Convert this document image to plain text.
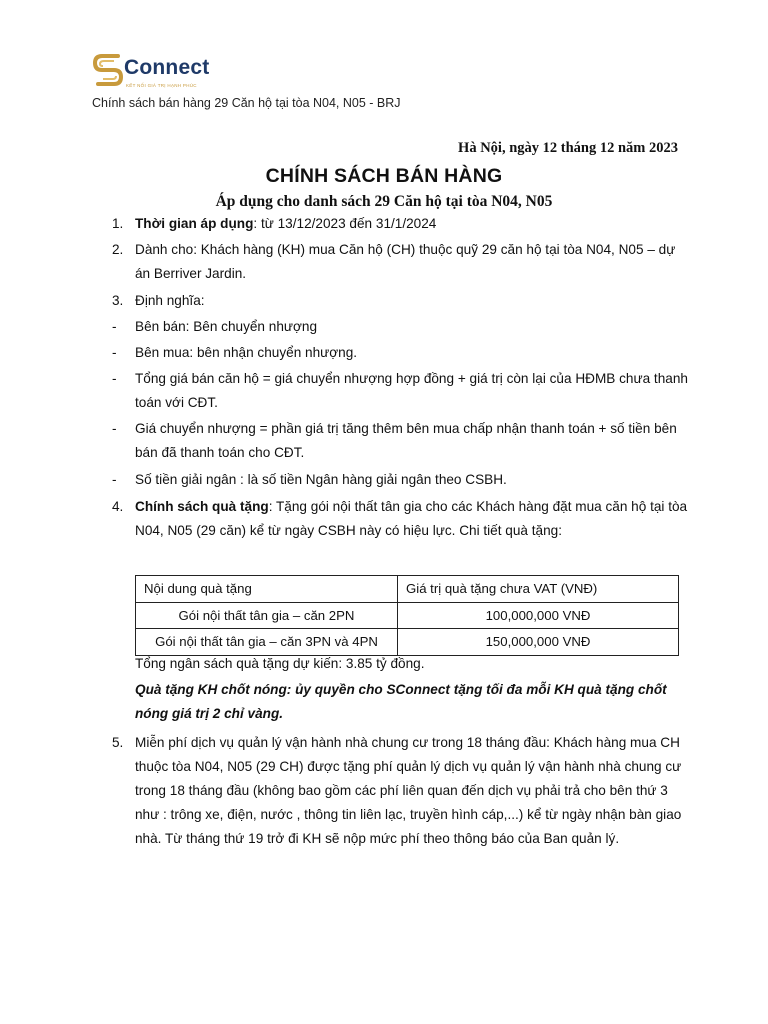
Connect
KẾT NỐI GIÁ TRỊ HẠNH PHÚC
Chính sách bán hàng 29 Căn hộ tại tòa N04, N05 - BRJ
Hà Nội, ngày 12 tháng 12 năm 2023
CHÍNH SÁCH BÁN HÀNG
Áp dụng cho danh sách 29 Căn hộ tại tòa N04, N05
1. Thời gian áp dụng: từ 13/12/2023 đến 31/1/2024
2. Dành cho: Khách hàng (KH) mua Căn hộ (CH) thuộc quỹ 29 căn hộ tại tòa N04, N05 – dự án Berriver Jardin.
3. Định nghĩa:
- Bên bán: Bên chuyển nhượng
- Bên mua: bên nhận chuyển nhượng.
- Tổng giá bán căn hộ = giá chuyển nhượng hợp đồng + giá trị còn lại của HĐMB chưa thanh toán với CĐT.
- Giá chuyển nhượng = phần giá trị tăng thêm bên mua chấp nhận thanh toán + số tiền bên bán đã thanh toán cho CĐT.
- Số tiền giải ngân : là số tiền Ngân hàng giải ngân theo CSBH.
4. Chính sách quà tặng: Tặng gói nội thất tân gia cho các Khách hàng đặt mua căn hộ tại tòa N04, N05 (29 căn) kể từ ngày CSBH này có hiệu lực. Chi tiết quà tặng:
Nội dung quà tặng	Giá trị quà tặng chưa VAT (VNĐ)
Gói nội thất tân gia – căn 2PN	100,000,000 VNĐ
Gói nội thất tân gia – căn 3PN và 4PN	150,000,000 VNĐ
Tổng ngân sách quà tặng dự kiến: 3.85 tỷ đồng.
Quà tặng KH chốt nóng: ủy quyền cho SConnect tặng tối đa mỗi KH quà tặng chốt nóng giá trị 2 chỉ vàng.
5. Miễn phí dịch vụ quản lý vận hành nhà chung cư trong 18 tháng đầu: Khách hàng mua CH thuộc tòa N04, N05 (29 CH) được tặng phí quản lý dịch vụ quản lý vận hành nhà chung cư trong 18 tháng đầu (không bao gồm các phí liên quan đến dịch vụ phải trả cho bên thứ 3 như : trông xe, điện, nước , thông tin liên lạc, truyền hình cáp,...) kể từ ngày nhận bàn giao nhà. Từ tháng thứ 19 trở đi KH sẽ nộp mức phí theo thông báo của Ban quản lý.
